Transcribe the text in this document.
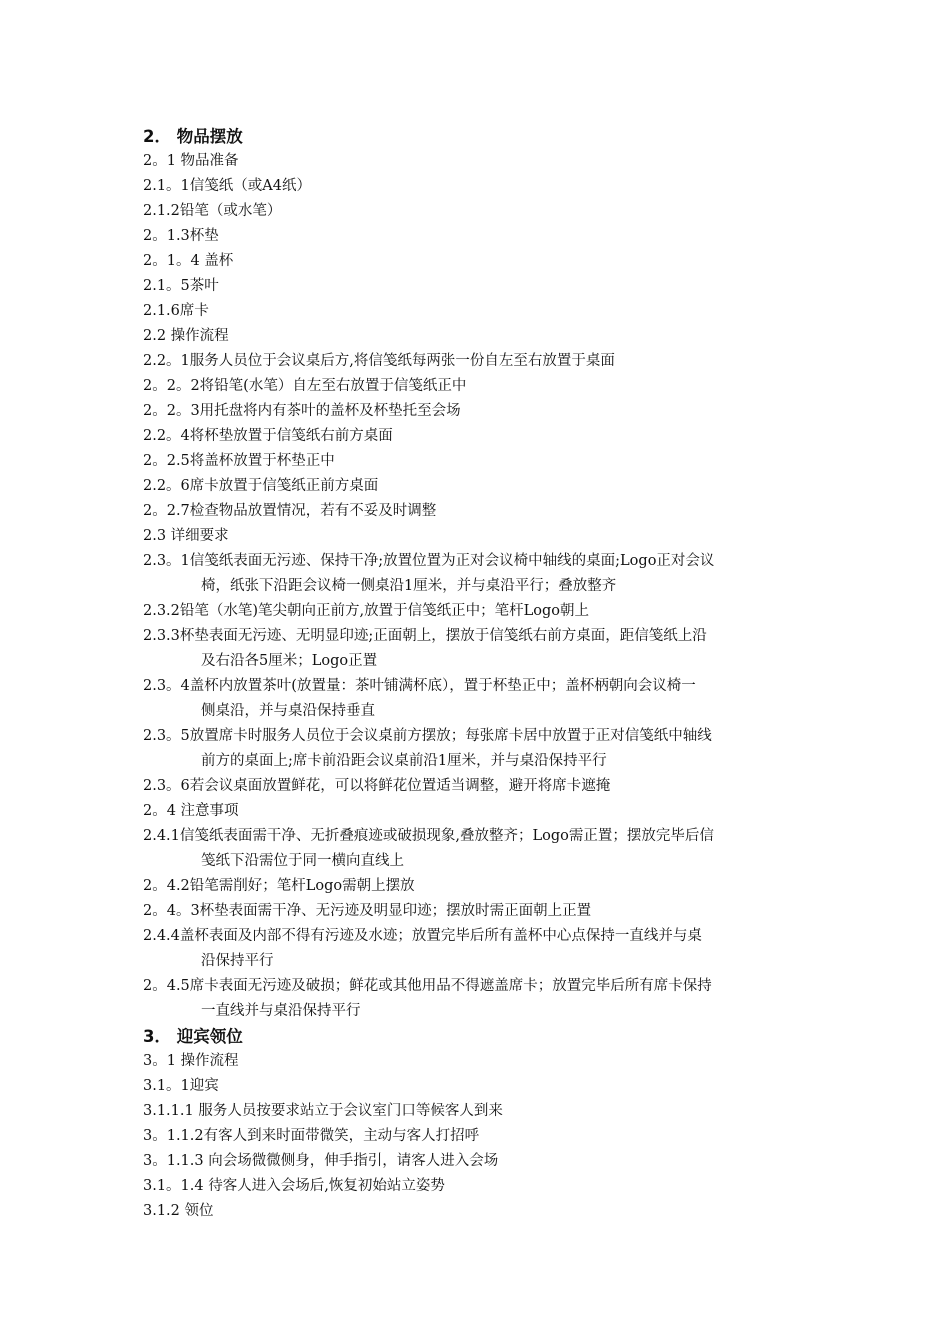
2． 物品摆放
2。1 物品准备
2.1。1信笺纸（或A4纸）
2.1.2铅笔（或水笔）
2。1.3杯垫
2。1。4 盖杯
2.1。5茶叶
2.1.6席卡
2.2 操作流程
2.2。1服务人员位于会议桌后方,将信笺纸每两张一份自左至右放置于桌面
2。2。2将铅笔(水笔）自左至右放置于信笺纸正中
2。2。3用托盘将内有茶叶的盖杯及杯垫托至会场
2.2。4将杯垫放置于信笺纸右前方桌面
2。2.5将盖杯放置于杯垫正中
2.2。6席卡放置于信笺纸正前方桌面
2。2.7检查物品放置情况，若有不妥及时调整
2.3 详细要求
2.3。1信笺纸表面无污迹、保持干净;放置位置为正对会议椅中轴线的桌面;Logo正对会议
椅，纸张下沿距会议椅一侧桌沿1厘米，并与桌沿平行；叠放整齐
2.3.2铅笔（水笔)笔尖朝向正前方,放置于信笺纸正中；笔杆Logo朝上
2.3.3杯垫表面无污迹、无明显印迹;正面朝上，摆放于信笺纸右前方桌面，距信笺纸上沿
及右沿各5厘米；Logo正置
2.3。4盖杯内放置茶叶(放置量：茶叶铺满杯底），置于杯垫正中；盖杯柄朝向会议椅一
侧桌沿，并与桌沿保持垂直
2.3。5放置席卡时服务人员位于会议桌前方摆放；每张席卡居中放置于正对信笺纸中轴线
前方的桌面上;席卡前沿距会议桌前沿1厘米，并与桌沿保持平行
2.3。6若会议桌面放置鲜花，可以将鲜花位置适当调整，避开将席卡遮掩
2。4 注意事项
2.4.1信笺纸表面需干净、无折叠痕迹或破损现象,叠放整齐；Logo需正置；摆放完毕后信
笺纸下沿需位于同一横向直线上
2。4.2铅笔需削好；笔杆Logo需朝上摆放
2。4。3杯垫表面需干净、无污迹及明显印迹；摆放时需正面朝上正置
2.4.4盖杯表面及内部不得有污迹及水迹；放置完毕后所有盖杯中心点保持一直线并与桌
沿保持平行
2。4.5席卡表面无污迹及破损；鲜花或其他用品不得遮盖席卡；放置完毕后所有席卡保持
一直线并与桌沿保持平行
3． 迎宾领位
3。1 操作流程
3.1。1迎宾
3.1.1.1 服务人员按要求站立于会议室门口等候客人到来
3。1.1.2有客人到来时面带微笑，主动与客人打招呼
3。1.1.3 向会场微微侧身，伸手指引，请客人进入会场
3.1。1.4 待客人进入会场后,恢复初始站立姿势
3.1.2 领位
